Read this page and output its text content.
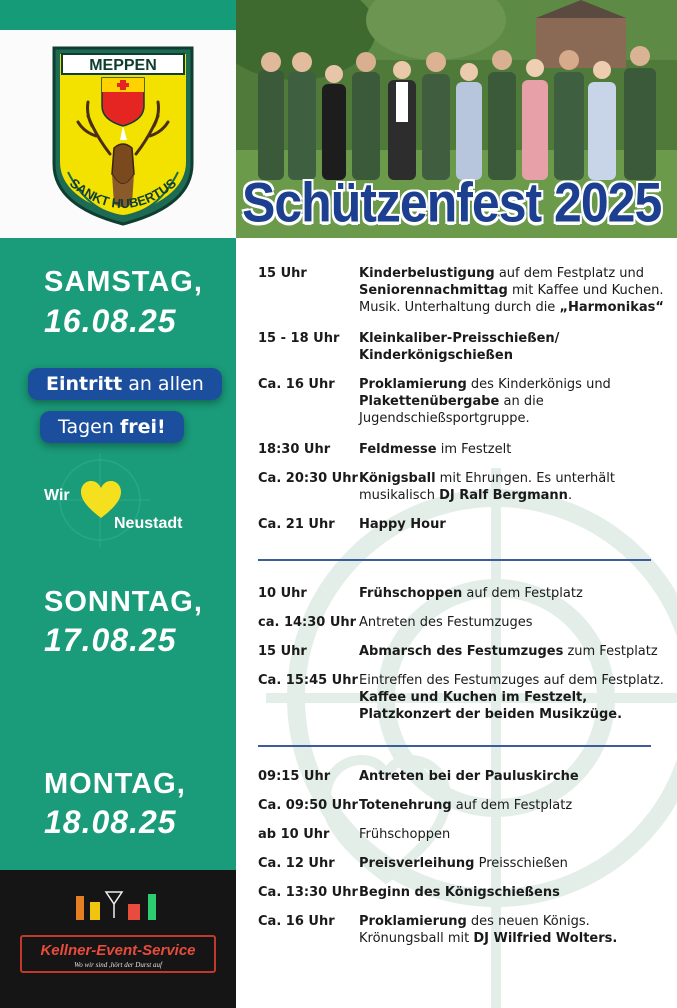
MEPPEN
SANKT HUBERTUS
SAMSTAG,
16.08.25
Eintritt an allen
Tagen frei!
Wir
Neustadt
SONNTAG,
17.08.25
MONTAG,
18.08.25
Kellner-Event-Service
Wo wir sind ,hört der Durst auf
Schützenfest 2025
15 Uhr	Kinderbelustigung auf dem Festplatz und Seniorennachmittag mit Kaffee und Kuchen. Musik. Unterhaltung durch die „Harmonikas“
15 - 18 Uhr	Kleinkaliber-Preisschießen/ Kinderkönigschießen
Ca. 16 Uhr	Proklamierung des Kinderkönigs und Plakettenübergabe an die Jugendschießsportgruppe.
18:30 Uhr	Feldmesse im Festzelt
Ca. 20:30 Uhr Königsball mit Ehrungen. Es unterhält musikalisch DJ Ralf Bergmann.
Ca. 21 Uhr	Happy Hour
10 Uhr	Frühschoppen auf dem Festplatz
ca. 14:30 Uhr Antreten des Festumzuges
15 Uhr	Abmarsch des Festumzuges zum Festplatz
Ca. 15:45 Uhr Eintreffen des Festumzuges auf dem Festplatz. Kaffee und Kuchen im Festzelt, Platzkonzert der beiden Musikzüge.
09:15 Uhr	Antreten bei der Pauluskirche
Ca. 09:50 Uhr Totenehrung auf dem Festplatz
ab 10 Uhr	Frühschoppen
Ca. 12 Uhr	Preisverleihung Preisschießen
Ca. 13:30 Uhr Beginn des Königschießens
Ca. 16 Uhr	Proklamierung des neuen Königs. Krönungsball mit DJ Wilfried Wolters.
